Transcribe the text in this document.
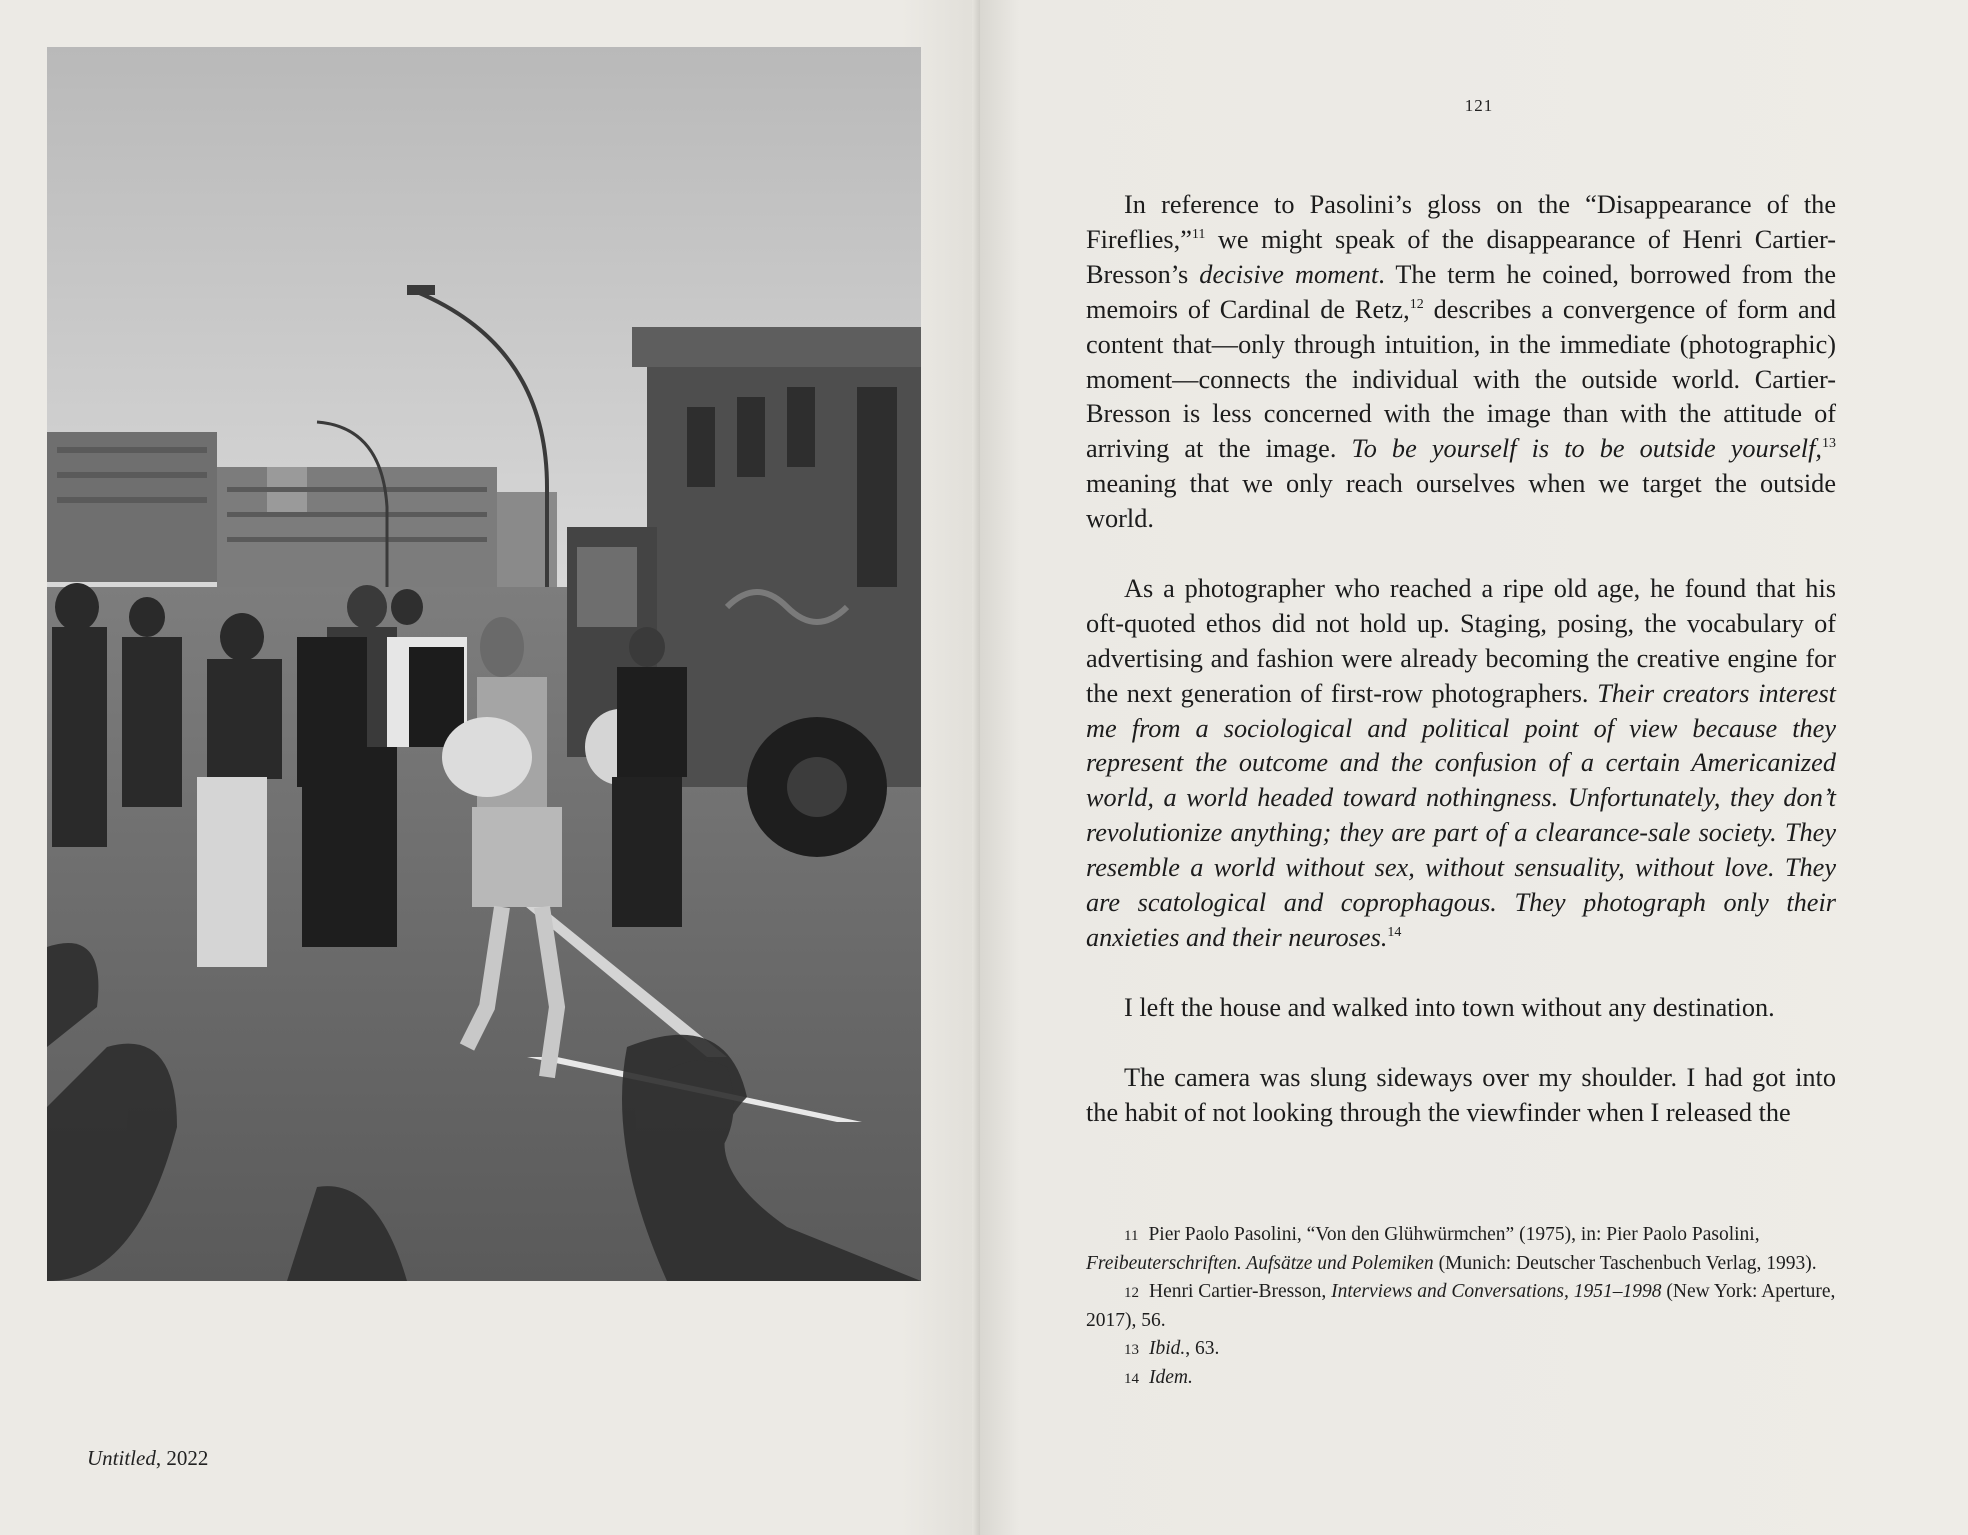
Untitled, 2022
121

In reference to Pasolini’s gloss on the “Disappearance of the Fireflies,”$^{11}$ we might speak of the disappearance of Henri Cartier-Bresson’s decisive moment. The term he coined, borrowed from the memoirs of Cardinal de Retz,$^{12}$ describes a convergence of form and content that—only through intuition, in the immediate (photographic) moment—connects the individual with the outside world. Cartier-Bresson is less concerned with the image than with the attitude of arriving at the image. To be yourself is to be outside yourself,$^{13}$ meaning that we only reach ourselves when we target the outside world.

As a photographer who reached a ripe old age, he found that his oft-quoted ethos did not hold up. Staging, posing, the vocabulary of advertising and fashion were already becoming the creative engine for the next generation of first-row photographers. Their creators interest me from a sociological and political point of view because they represent the outcome and the confusion of a certain Americanized world, a world headed toward nothingness. Unfortunately, they don’t revolutionize anything; they are part of a clearance-sale society. They resemble a world without sex, without sensuality, without love. They are scatological and coprophagous. They photograph only their anxieties and their neuroses.$^{14}$

I left the house and walked into town without any destination.

The camera was slung sideways over my shoulder. I had got into the habit of not looking through the viewfinder when I released the

11 Pier Paolo Pasolini, “Von den Glühwürmchen” (1975), in: Pier Paolo Pasolini, Freibeuterschriften. Aufsätze und Polemiken (Munich: Deutscher Taschenbuch Verlag, 1993).
12 Henri Cartier-Bresson, Interviews and Conversations, 1951–1998 (New York: Aperture, 2017), 56.
13 Ibid., 63.
14 Idem.
